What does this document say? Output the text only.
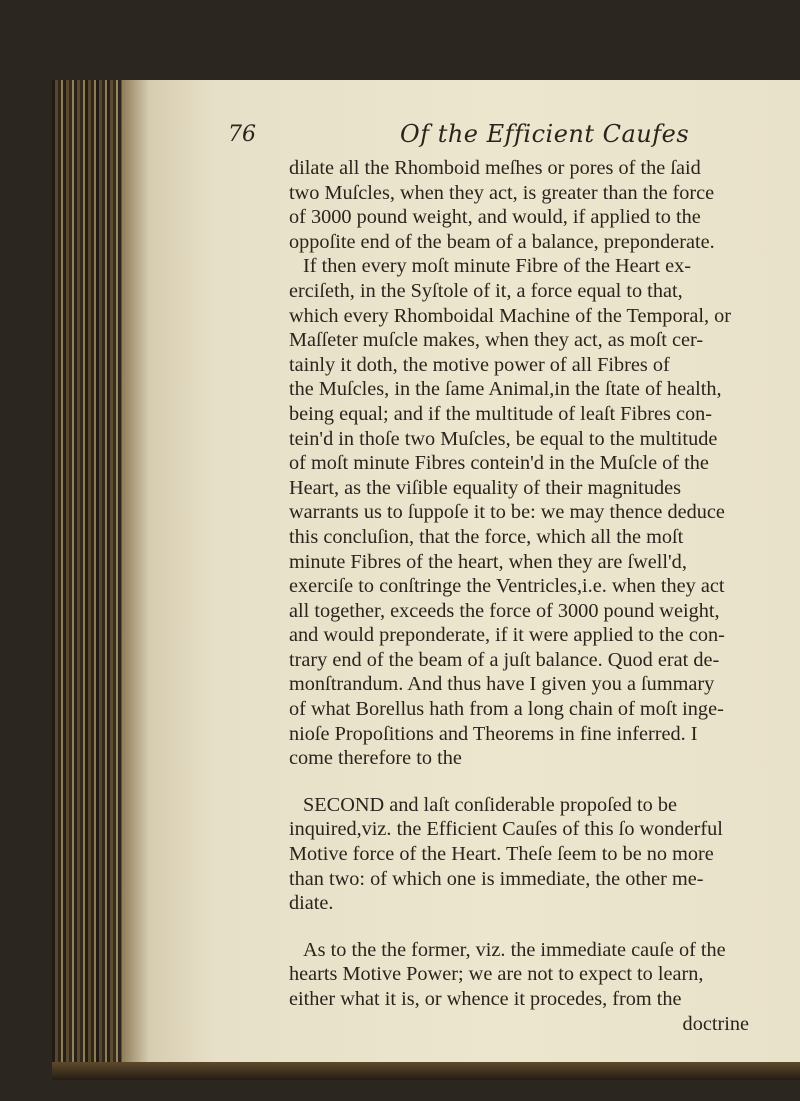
76	Of the Efficient Caufes
dilate all the Rhomboid meſhes or pores of the ſaid
two Muſcles, when they act, is greater than the force
of 3000 pound weight, and would, if applied to the
oppoſite end of the beam of a balance, preponderate.
If then every moſt minute Fibre of the Heart ex-
erciſeth, in the Syſtole of it, a force equal to that,
which every Rhomboidal Machine of the Temporal, or
Maſſeter muſcle makes, when they act, as moſt cer-
tainly it doth, the motive power of all Fibres of
the Muſcles, in the ſame Animal,in the ſtate of health,
being equal; and if the multitude of leaſt Fibres con-
tein'd in thoſe two Muſcles, be equal to the multitude
of moſt minute Fibres contein'd in the Muſcle of the
Heart, as the viſible equality of their magnitudes
warrants us to ſuppoſe it to be: we may thence deduce
this concluſion, that the force, which all the moſt
minute Fibres of the heart, when they are ſwell'd,
exerciſe to conſtringe the Ventricles,i.e. when they act
all together, exceeds the force of 3000 pound weight,
and would preponderate, if it were applied to the con-
trary end of the beam of a juſt balance. Quod erat de-
monſtrandum. And thus have I given you a ſummary
of what Borellus hath from a long chain of moſt inge-
nioſe Propoſitions and Theorems in fine inferred. I
come therefore to the
SECOND and laſt conſiderable propoſed to be
inquired,viz. the Efficient Cauſes of this ſo wonderful
Motive force of the Heart. Theſe ſeem to be no more
than two: of which one is immediate, the other me-
diate.
As to the the former, viz. the immediate cauſe of the
hearts Motive Power; we are not to expect to learn,
either what it is, or whence it procedes, from the
doctrine
